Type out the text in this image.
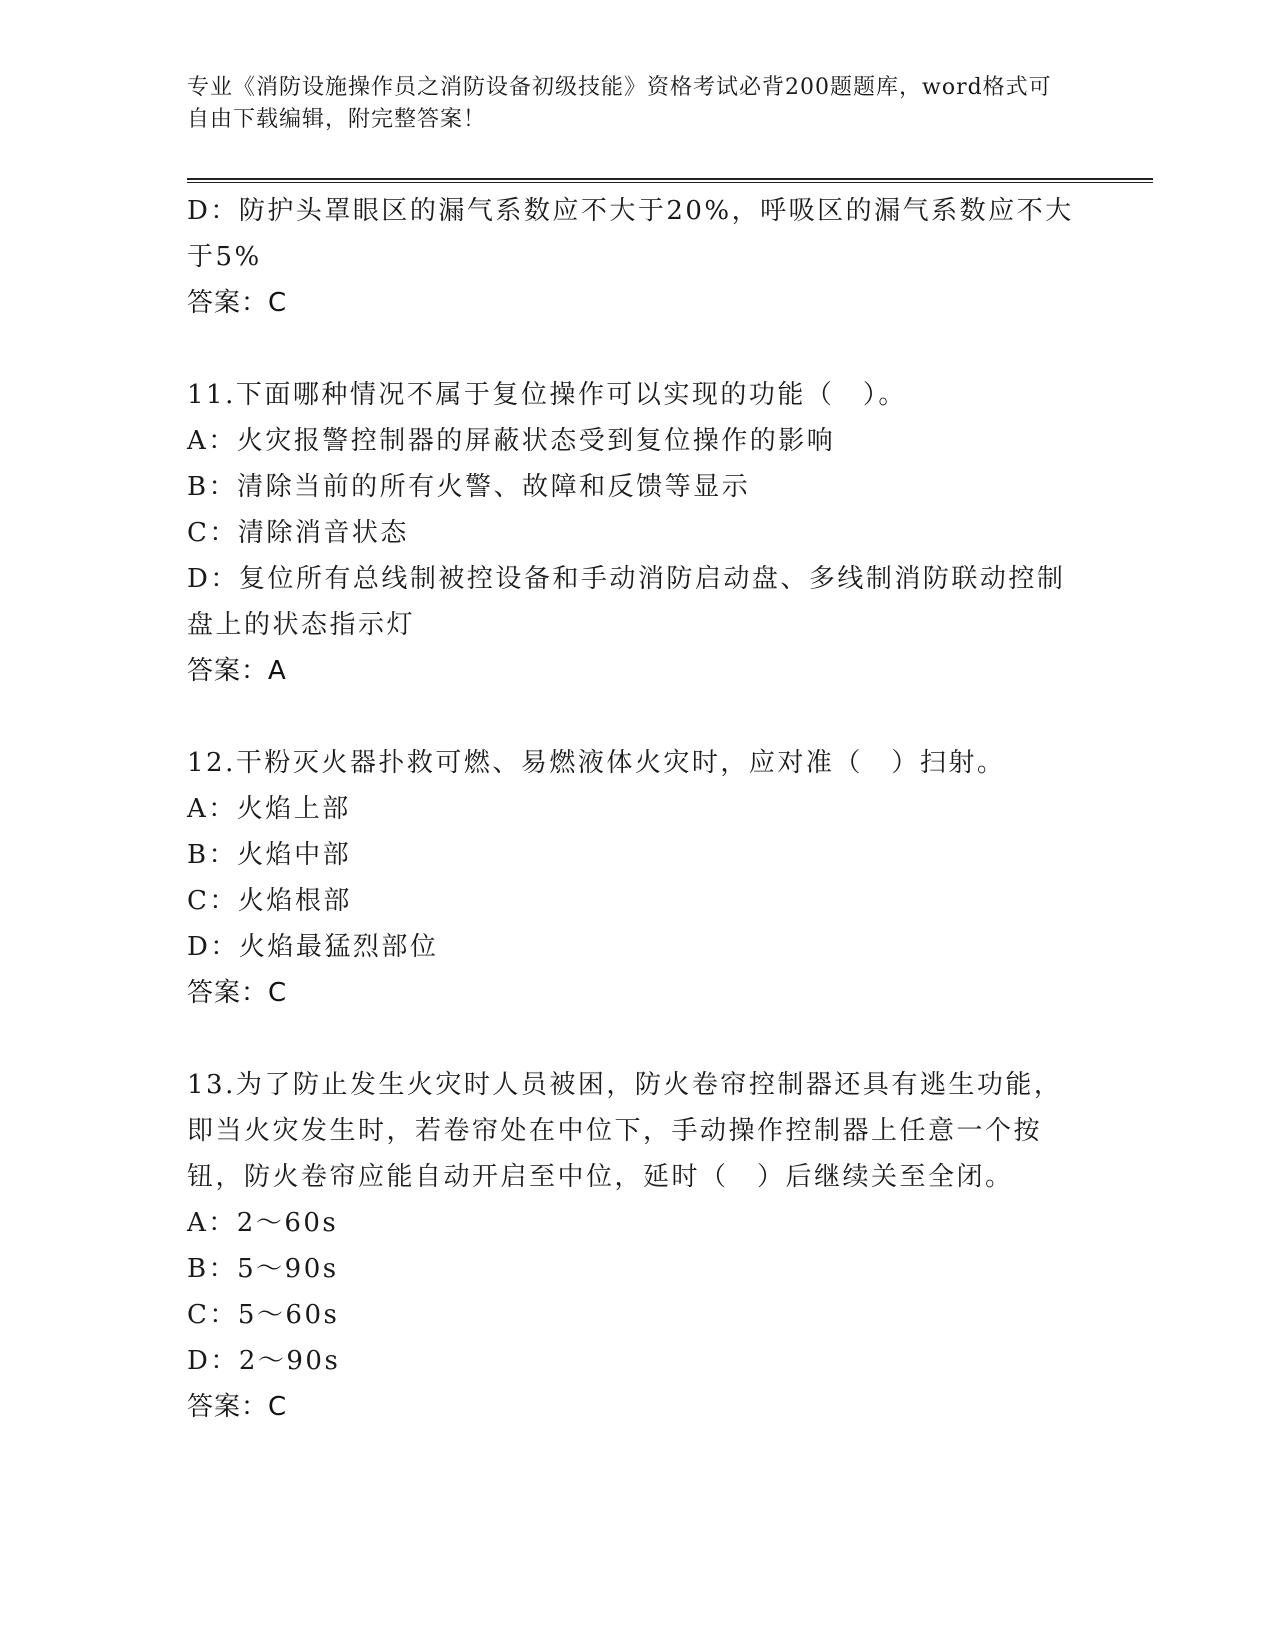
专业《消防设施操作员之消防设备初级技能》资格考试必背200题题库，word格式可自由下载编辑，附完整答案！
D：防护头罩眼区的漏气系数应不大于20%，呼吸区的漏气系数应不大于5%
答案：C
11.下面哪种情况不属于复位操作可以实现的功能（　）。
A：火灾报警控制器的屏蔽状态受到复位操作的影响
B：清除当前的所有火警、故障和反馈等显示
C：清除消音状态
D：复位所有总线制被控设备和手动消防启动盘、多线制消防联动控制盘上的状态指示灯
答案：A
12.干粉灭火器扑救可燃、易燃液体火灾时，应对准（　）扫射。
A：火焰上部
B：火焰中部
C：火焰根部
D：火焰最猛烈部位
答案：C
13.为了防止发生火灾时人员被困，防火卷帘控制器还具有逃生功能，即当火灾发生时，若卷帘处在中位下，手动操作控制器上任意一个按钮，防火卷帘应能自动开启至中位，延时（　）后继续关至全闭。
A：2～60s
B：5～90s
C：5～60s
D：2～90s
答案：C
